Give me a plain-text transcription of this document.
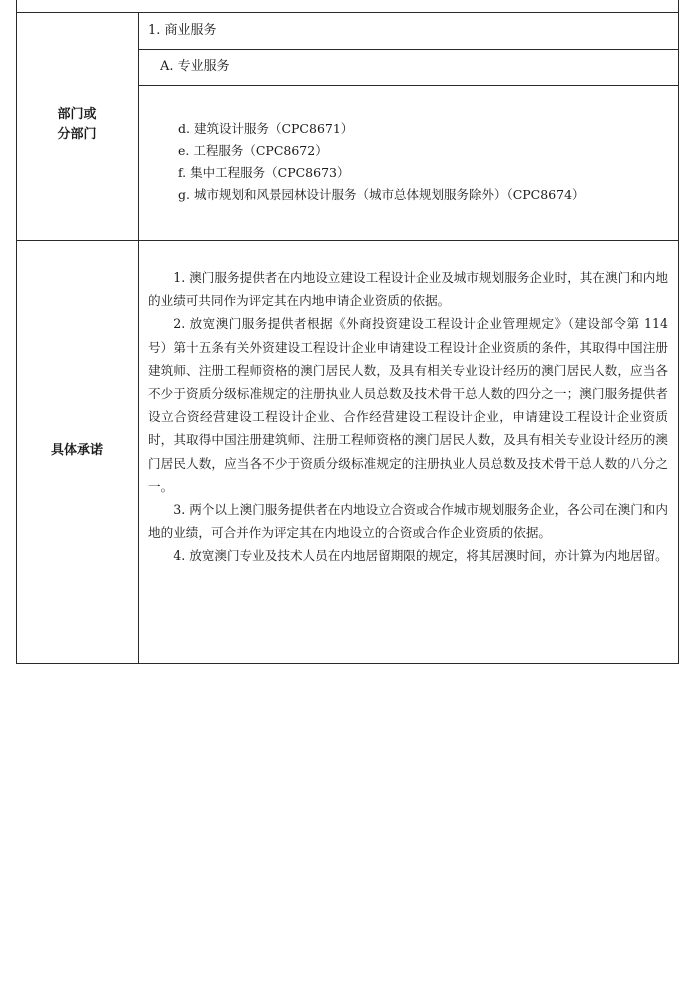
部门或
分部门
1. 商业服务
A. 专业服务
d. 建筑设计服务（CPC8671）
e. 工程服务（CPC8672）
f. 集中工程服务（CPC8673）
g. 城市规划和风景园林设计服务（城市总体规划服务除外）（CPC8674）
具体承诺

1. 澳门服务提供者在内地设立建设工程设计企业及城市规划服务企业时，其在澳门和内地的业绩可共同作为评定其在内地申请企业资质的依据。

2. 放宽澳门服务提供者根据《外商投资建设工程设计企业管理规定》（建设部令第 114 号）第十五条有关外资建设工程设计企业申请建设工程设计企业资质的条件，其取得中国注册建筑师、注册工程师资格的澳门居民人数，及具有相关专业设计经历的澳门居民人数，应当各不少于资质分级标准规定的注册执业人员总数及技术骨干总人数的四分之一；澳门服务提供者设立合资经营建设工程设计企业、合作经营建设工程设计企业，申请建设工程设计企业资质时，其取得中国注册建筑师、注册工程师资格的澳门居民人数，及具有相关专业设计经历的澳门居民人数，应当各不少于资质分级标准规定的注册执业人员总数及技术骨干总人数的八分之一。

3. 两个以上澳门服务提供者在内地设立合资或合作城市规划服务企业，各公司在澳门和内地的业绩，可合并作为评定其在内地设立的合资或合作企业资质的依据。

4. 放宽澳门专业及技术人员在内地居留期限的规定，将其居澳时间，亦计算为内地居留。
